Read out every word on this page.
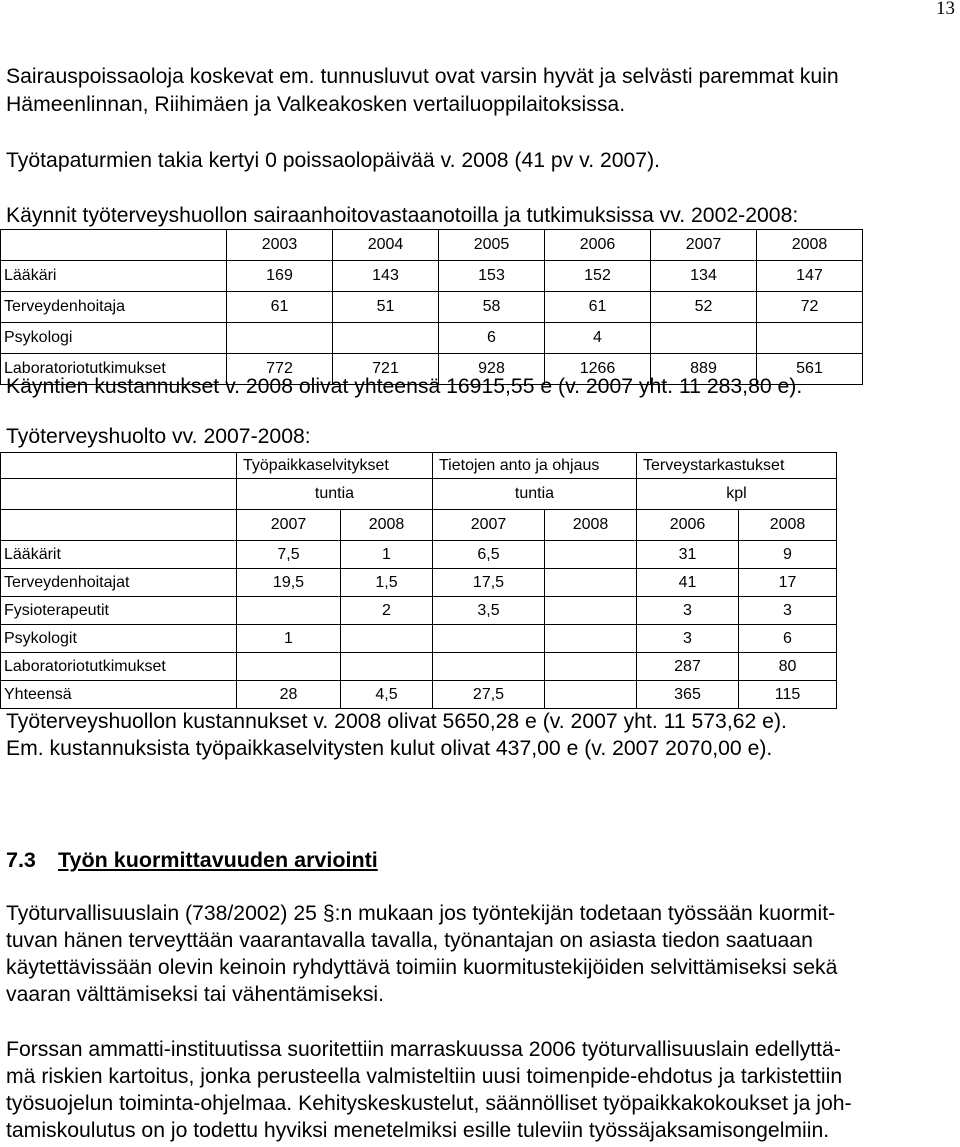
13
Sairauspoissaoloja koskevat em. tunnusluvut ovat varsin hyvät ja selvästi paremmat kuin
Hämeenlinnan, Riihimäen ja Valkeakosken vertailuoppilaitoksissa.
Työtapaturmien takia kertyi 0 poissaolopäivää v. 2008 (41 pv v. 2007).
Käynnit työterveyshuollon sairaanhoitovastaanotoilla ja tutkimuksissa vv. 2002-2008:
	2003	2004	2005	2006	2007	2008
Lääkäri	169	143	153	152	134	147
Terveydenhoitaja	61	51	58	61	52	72
Psykologi			6	4		
Laboratoriotutkimukset	772	721	928	1266	889	561
Käyntien kustannukset v. 2008 olivat yhteensä 16915,55 e (v. 2007 yht. 11 283,80 e).
Työterveyshuolto vv. 2007-2008:
	Työpaikkaselvitykset		Tietojen anto ja ohjaus		Terveystarkastukset	
	tuntia		tuntia		kpl	
	2007	2008	2007	2008	2006	2008
Lääkärit	7,5	1	6,5		31	9
Terveydenhoitajat	19,5	1,5	17,5		41	17
Fysioterapeutit		2	3,5		3	3
Psykologit	1				3	6
Laboratoriotutkimukset					287	80
Yhteensä	28	4,5	27,5		365	115
Työterveyshuollon kustannukset v. 2008 olivat 5650,28 e (v. 2007 yht. 11 573,62 e).
Em. kustannuksista työpaikkaselvitysten kulut olivat 437,00 e (v. 2007 2070,00 e).
7.3 Työn kuormittavuuden arviointi
Työturvallisuuslain (738/2002) 25 §:n mukaan jos työntekijän todetaan työssään kuormit-
tuvan hänen terveyttään vaarantavalla tavalla, työnantajan on asiasta tiedon saatuaan
käytettävissään olevin keinoin ryhdyttävä toimiin kuormitustekijöiden selvittämiseksi sekä
vaaran välttämiseksi tai vähentämiseksi.
Forssan ammatti-instituutissa suoritettiin marraskuussa 2006 työturvallisuuslain edellyttä-
mä riskien kartoitus, jonka perusteella valmisteltiin uusi toimenpide-ehdotus ja tarkistettiin
työsuojelun toiminta-ohjelmaa. Kehityskeskustelut, säännölliset työpaikkakokoukset ja joh-
tamiskoulutus on jo todettu hyviksi menetelmiksi esille tuleviin työssäjaksamisongelmiin.
